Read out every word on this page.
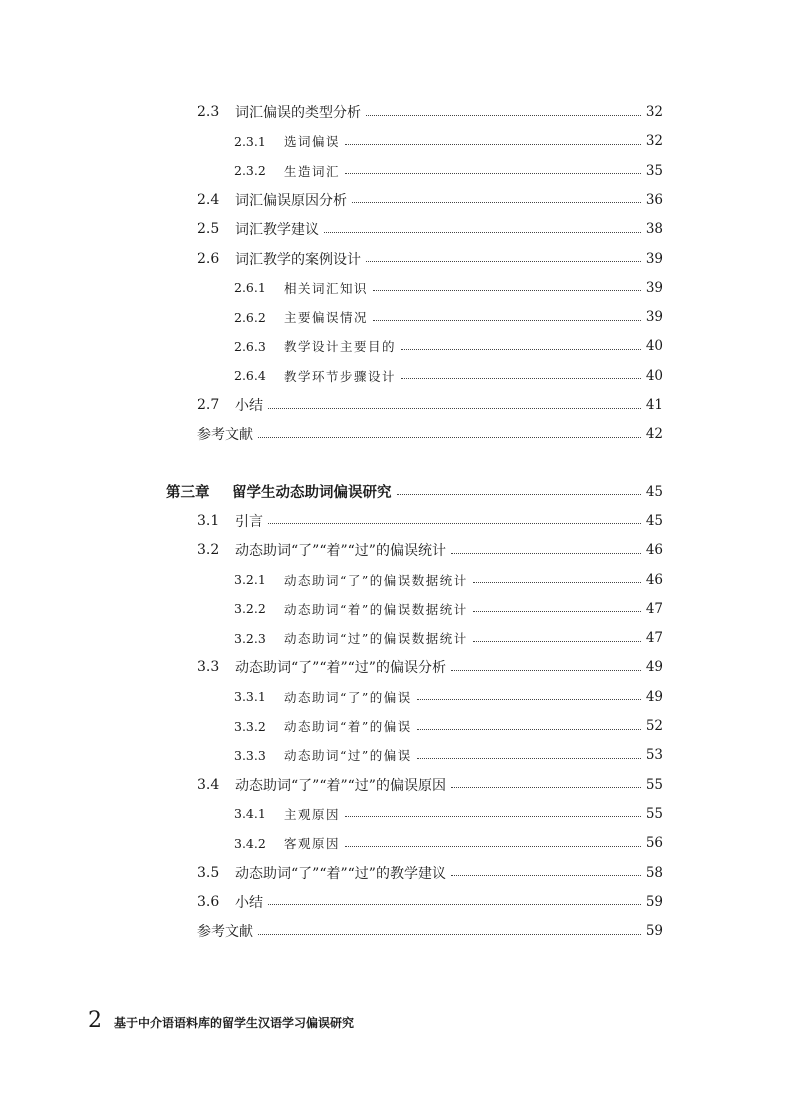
2.3	词汇偏误的类型分析	32
2.3.1	选词偏误	32
2.3.2	生造词汇	35
2.4	词汇偏误原因分析	36
2.5	词汇教学建议	38
2.6	词汇教学的案例设计	39
2.6.1	相关词汇知识	39
2.6.2	主要偏误情况	39
2.6.3	教学设计主要目的	40
2.6.4	教学环节步骤设计	40
2.7	小结	41
参考文献	42
第三章	留学生动态助词偏误研究	45
3.1	引言	45
3.2	动态助词“了”“着”“过”的偏误统计	46
3.2.1	动态助词“了”的偏误数据统计	46
3.2.2	动态助词“着”的偏误数据统计	47
3.2.3	动态助词“过”的偏误数据统计	47
3.3	动态助词“了”“着”“过”的偏误分析	49
3.3.1	动态助词“了”的偏误	49
3.3.2	动态助词“着”的偏误	52
3.3.3	动态助词“过”的偏误	53
3.4	动态助词“了”“着”“过”的偏误原因	55
3.4.1	主观原因	55
3.4.2	客观原因	56
3.5	动态助词“了”“着”“过”的教学建议	58
3.6	小结	59
参考文献	59
2 基于中介语语料库的留学生汉语学习偏误研究
